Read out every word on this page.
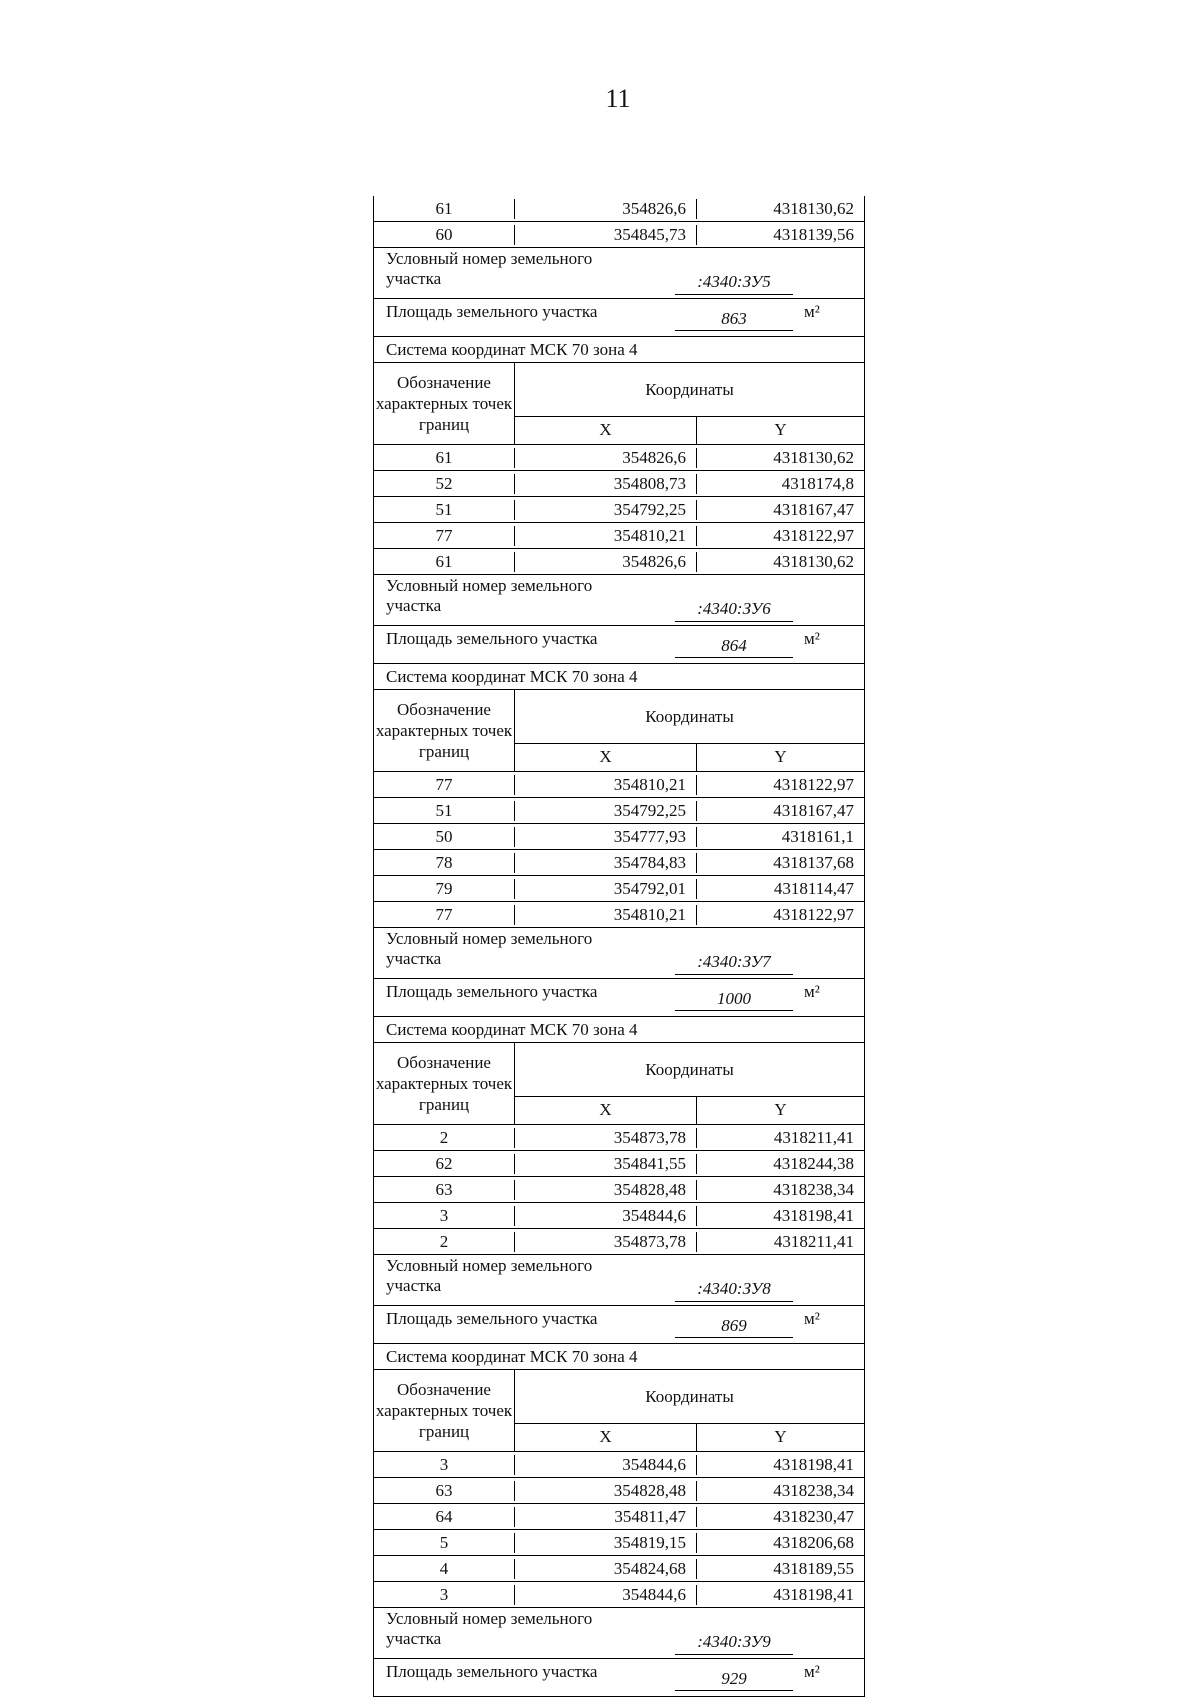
11
61	354826,6	4318130,62
60	354845,73	4318139,56
Условный номер земельного участка	:4340:ЗУ5
Площадь земельного участка	863	м²
Система координат МСК 70 зона 4
Обозначение характерных точек границ
Координаты
X	Y
61	354826,6	4318130,62
52	354808,73	4318174,8
51	354792,25	4318167,47
77	354810,21	4318122,97
61	354826,6	4318130,62
Условный номер земельного участка	:4340:ЗУ6
Площадь земельного участка	864	м²
Система координат МСК 70 зона 4
Обозначение характерных точек границ
Координаты
X	Y
77	354810,21	4318122,97
51	354792,25	4318167,47
50	354777,93	4318161,1
78	354784,83	4318137,68
79	354792,01	4318114,47
77	354810,21	4318122,97
Условный номер земельного участка	:4340:ЗУ7
Площадь земельного участка	1000	м²
Система координат МСК 70 зона 4
Обозначение характерных точек границ
Координаты
X	Y
2	354873,78	4318211,41
62	354841,55	4318244,38
63	354828,48	4318238,34
3	354844,6	4318198,41
2	354873,78	4318211,41
Условный номер земельного участка	:4340:ЗУ8
Площадь земельного участка	869	м²
Система координат МСК 70 зона 4
Обозначение характерных точек границ
Координаты
X	Y
3	354844,6	4318198,41
63	354828,48	4318238,34
64	354811,47	4318230,47
5	354819,15	4318206,68
4	354824,68	4318189,55
3	354844,6	4318198,41
Условный номер земельного участка	:4340:ЗУ9
Площадь земельного участка	929	м²
